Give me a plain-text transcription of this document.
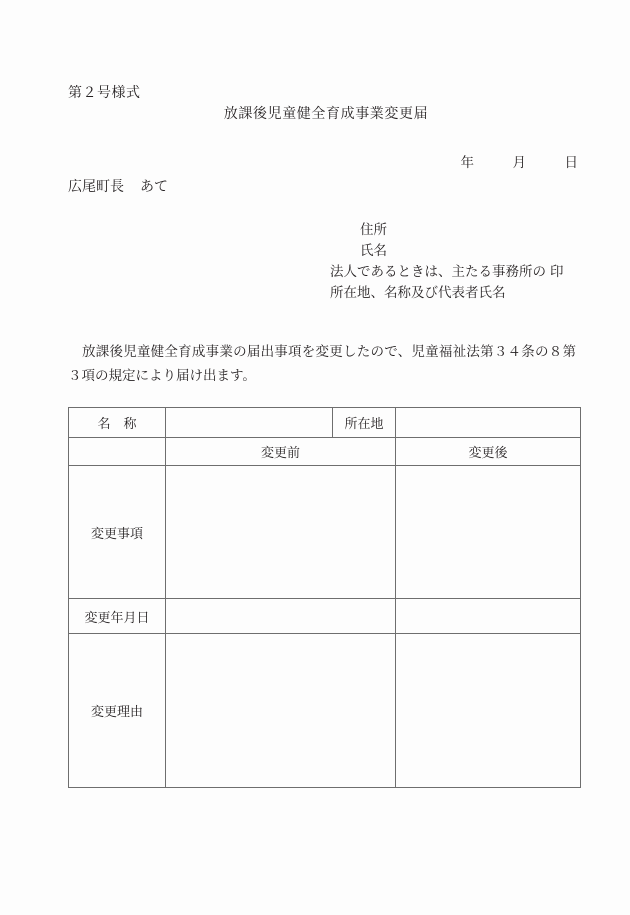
第２号様式
放課後児童健全育成事業変更届
年	月	日
広尾町長 あて
住所
氏名
印
法人であるときは、主たる事務所の
所在地、名称及び代表者氏名
放課後児童健全育成事業の届出事項を変更したので、児童福祉法第３４条の８第３項の規定により届け出ます。
名 称		所在地	
	変更前		変更後
変更事項			
変更年月日			
変更理由			
